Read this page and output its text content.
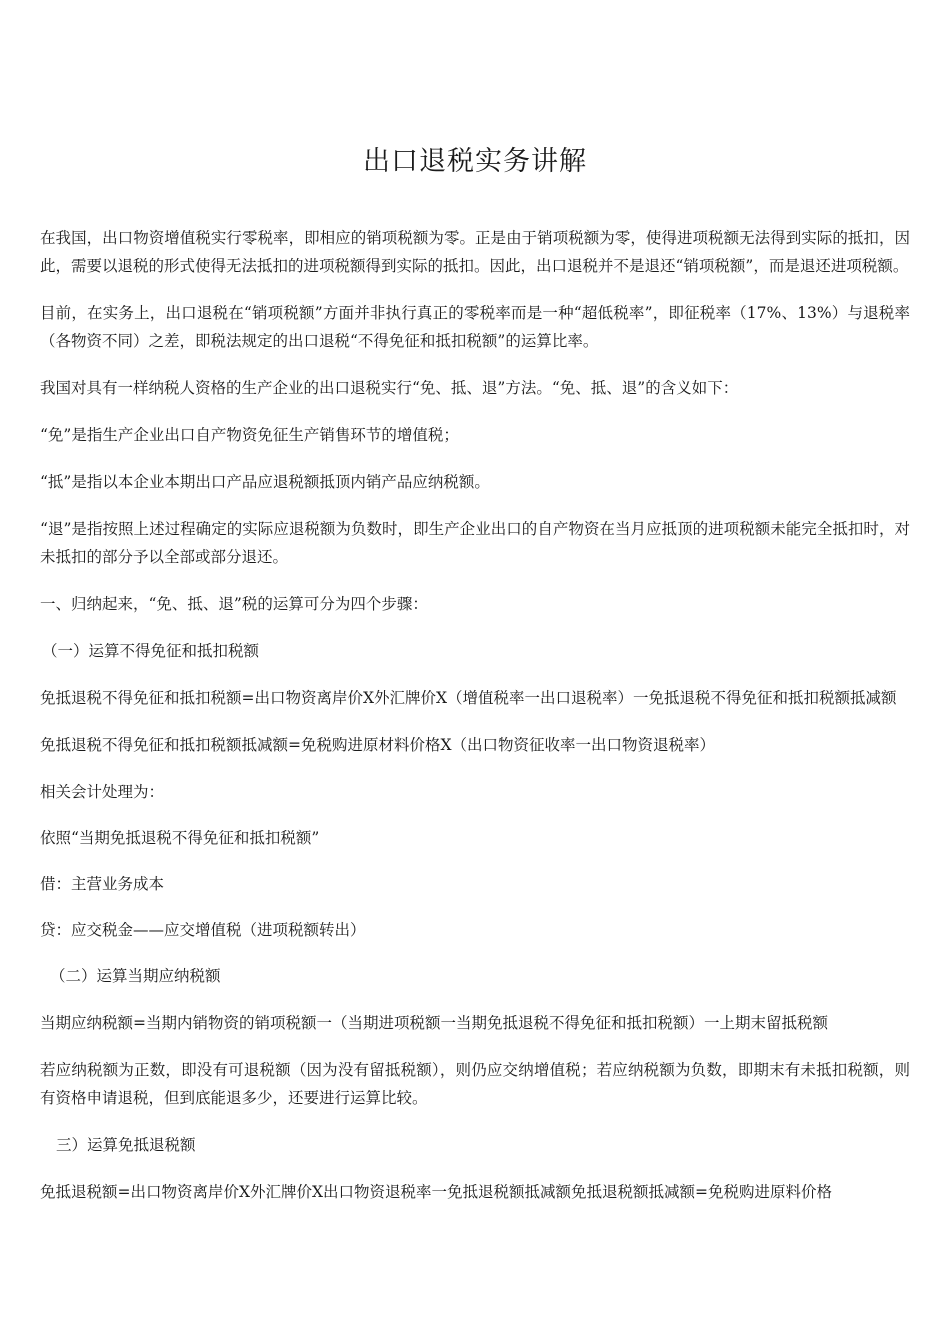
出口退税实务讲解

在我国，出口物资增值税实行零税率，即相应的销项税额为零。正是由于销项税额为零，使得进项税额无法得到实际的抵扣，因此，需要以退税的形式使得无法抵扣的进项税额得到实际的抵扣。因此，出口退税并不是退还“销项税额”，而是退还进项税额。

目前，在实务上，出口退税在“销项税额”方面并非执行真正的零税率而是一种“超低税率”，即征税率（17%、13%）与退税率（各物资不同）之差，即税法规定的出口退税“不得免征和抵扣税额”的运算比率。

我国对具有一样纳税人资格的生产企业的出口退税实行“免、抵、退”方法。“免、抵、退”的含义如下：

“免”是指生产企业出口自产物资免征生产销售环节的增值税；

“抵”是指以本企业本期出口产品应退税额抵顶内销产品应纳税额。

“退”是指按照上述过程确定的实际应退税额为负数时，即生产企业出口的自产物资在当月应抵顶的进项税额未能完全抵扣时，对未抵扣的部分予以全部或部分退还。

一、归纳起来，“免、抵、退”税的运算可分为四个步骤：

（一）运算不得免征和抵扣税额

免抵退税不得免征和抵扣税额=出口物资离岸价X外汇牌价X（增值税率一出口退税率）一免抵退税不得免征和抵扣税额抵减额

免抵退税不得免征和抵扣税额抵减额=免税购进原材料价格X（出口物资征收率一出口物资退税率）

相关会计处理为：

依照“当期免抵退税不得免征和抵扣税额”

借：主营业务成本

贷：应交税金——应交增值税（进项税额转出）

（二）运算当期应纳税额

当期应纳税额=当期内销物资的销项税额一（当期进项税额一当期免抵退税不得免征和抵扣税额）一上期末留抵税额

若应纳税额为正数，即没有可退税额（因为没有留抵税额），则仍应交纳增值税；若应纳税额为负数，即期末有未抵扣税额，则有资格申请退税，但到底能退多少，还要进行运算比较。

三）运算免抵退税额

免抵退税额=出口物资离岸价X外汇牌价X出口物资退税率一免抵退税额抵减额免抵退税额抵减额=免税购进原料价格
